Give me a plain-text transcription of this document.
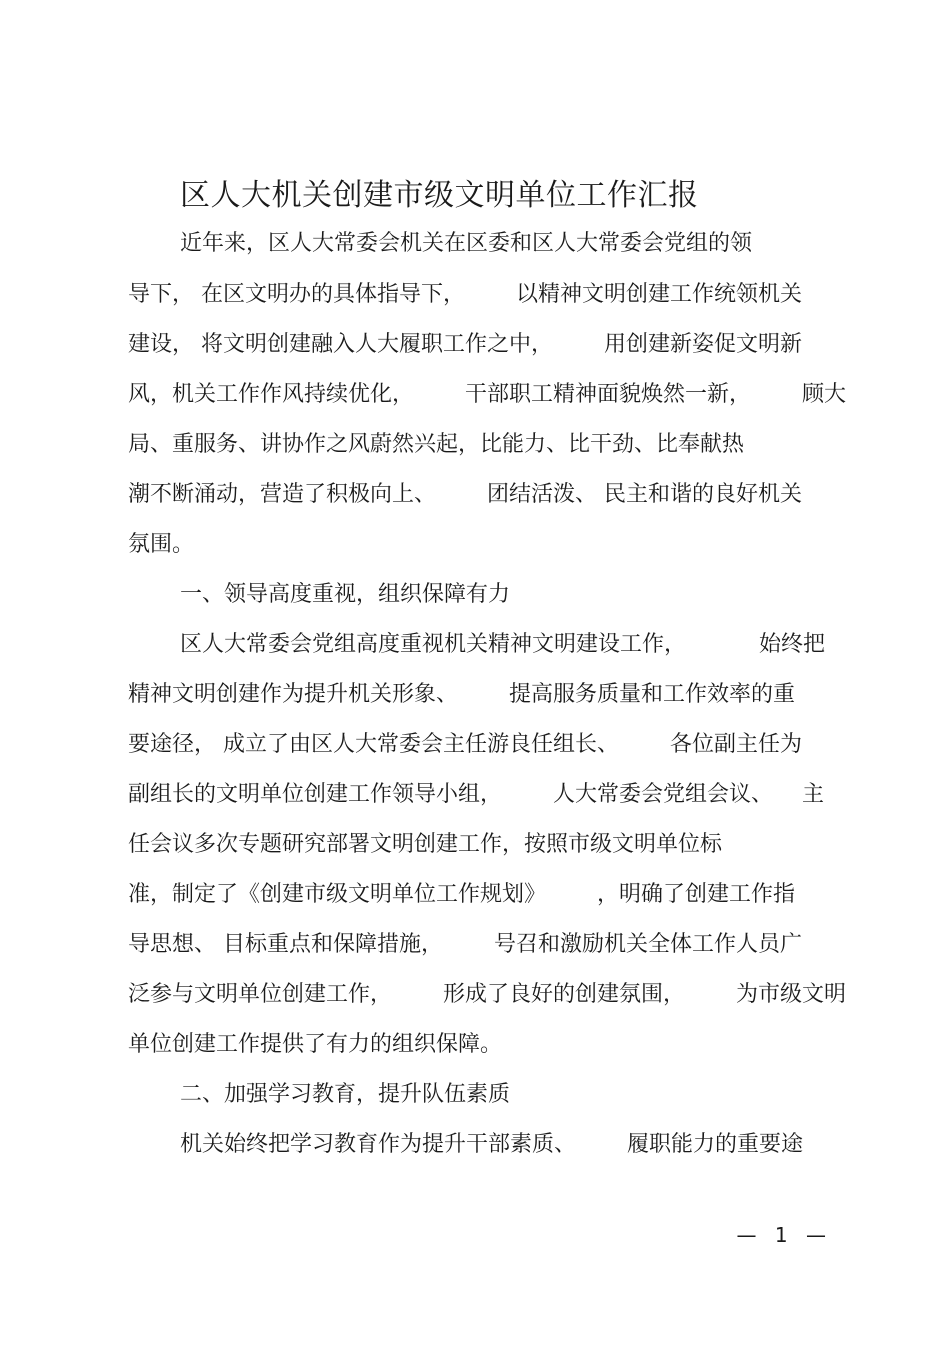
区人大机关创建市级文明单位工作汇报
近年来，区人大常委会机关在区委和区人大常委会党组的领
导下， 在区文明办的具体指导下， 　　以精神文明创建工作统领机关
建设， 将文明创建融入人大履职工作之中， 　　用创建新姿促文明新
风，机关工作作风持续优化， 　　干部职工精神面貌焕然一新， 　　顾大
局、重服务、讲协作之风蔚然兴起，比能力、比干劲、比奉献热
潮不断涌动，营造了积极向上、 　　团结活泼、 民主和谐的良好机关
氛围。
一、领导高度重视，组织保障有力
区人大常委会党组高度重视机关精神文明建设工作， 　　　始终把
精神文明创建作为提升机关形象、 　　提高服务质量和工作效率的重
要途径， 成立了由区人大常委会主任游良任组长、 　　各位副主任为
副组长的文明单位创建工作领导小组， 　　人大常委会党组会议、 　主
任会议多次专题研究部署文明创建工作，按照市级文明单位标
准，制定了《创建市级文明单位工作规划》 　　，明确了创建工作指
导思想、 目标重点和保障措施， 　　号召和激励机关全体工作人员广
泛参与文明单位创建工作， 　　形成了良好的创建氛围， 　　为市级文明
单位创建工作提供了有力的组织保障。
二、加强学习教育，提升队伍素质
机关始终把学习教育作为提升干部素质、 　　履职能力的重要途
— 1 —
